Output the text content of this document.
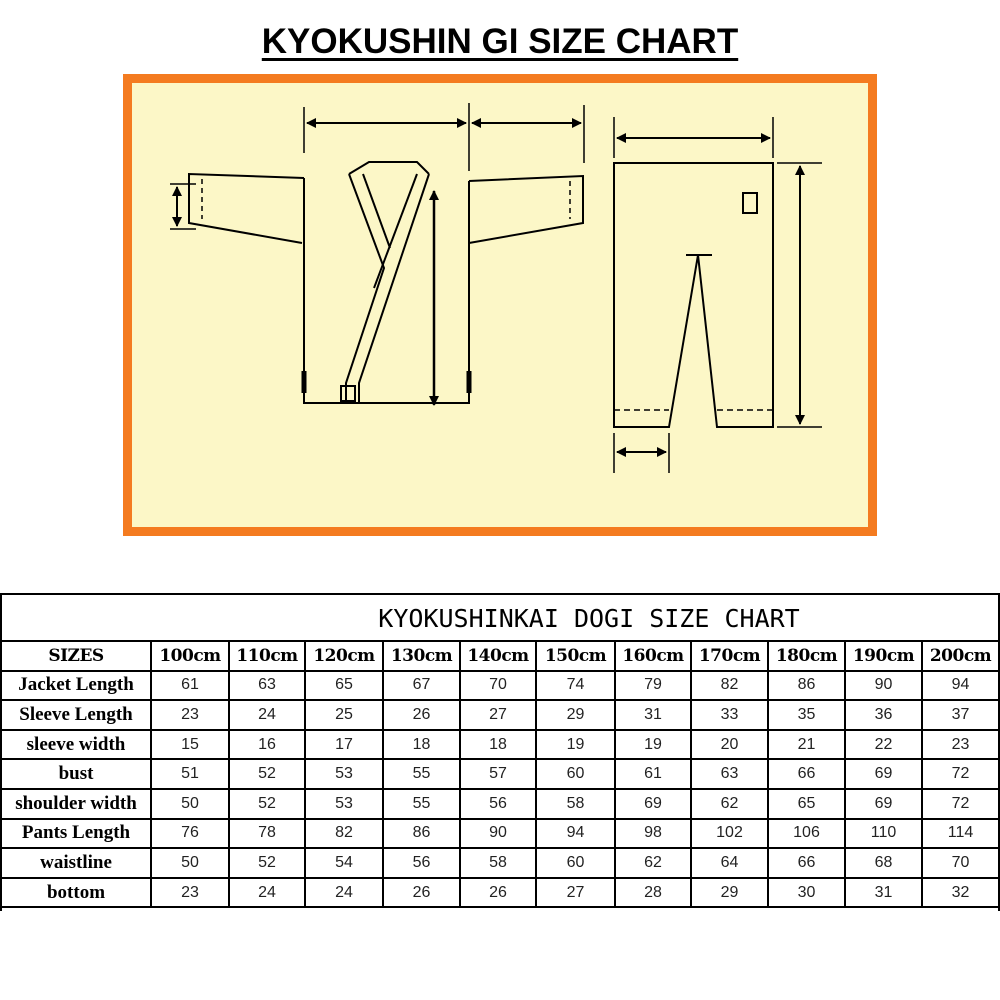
KYOKUSHIN GI SIZE CHART
KYOKUSHINKAI DOGI SIZE CHART
SIZES	100cm	110cm	120cm	130cm	140cm	150cm	160cm	170cm	180cm	190cm	200cm
Jacket Length	61	63	65	67	70	74	79	82	86	90	94
Sleeve Length	23	24	25	26	27	29	31	33	35	36	37
sleeve width	15	16	17	18	18	19	19	20	21	22	23
bust	51	52	53	55	57	60	61	63	66	69	72
shoulder width	50	52	53	55	56	58	69	62	65	69	72
Pants Length	76	78	82	86	90	94	98	102	106	110	114
waistline	50	52	54	56	58	60	62	64	66	68	70
bottom	23	24	24	26	26	27	28	29	30	31	32
